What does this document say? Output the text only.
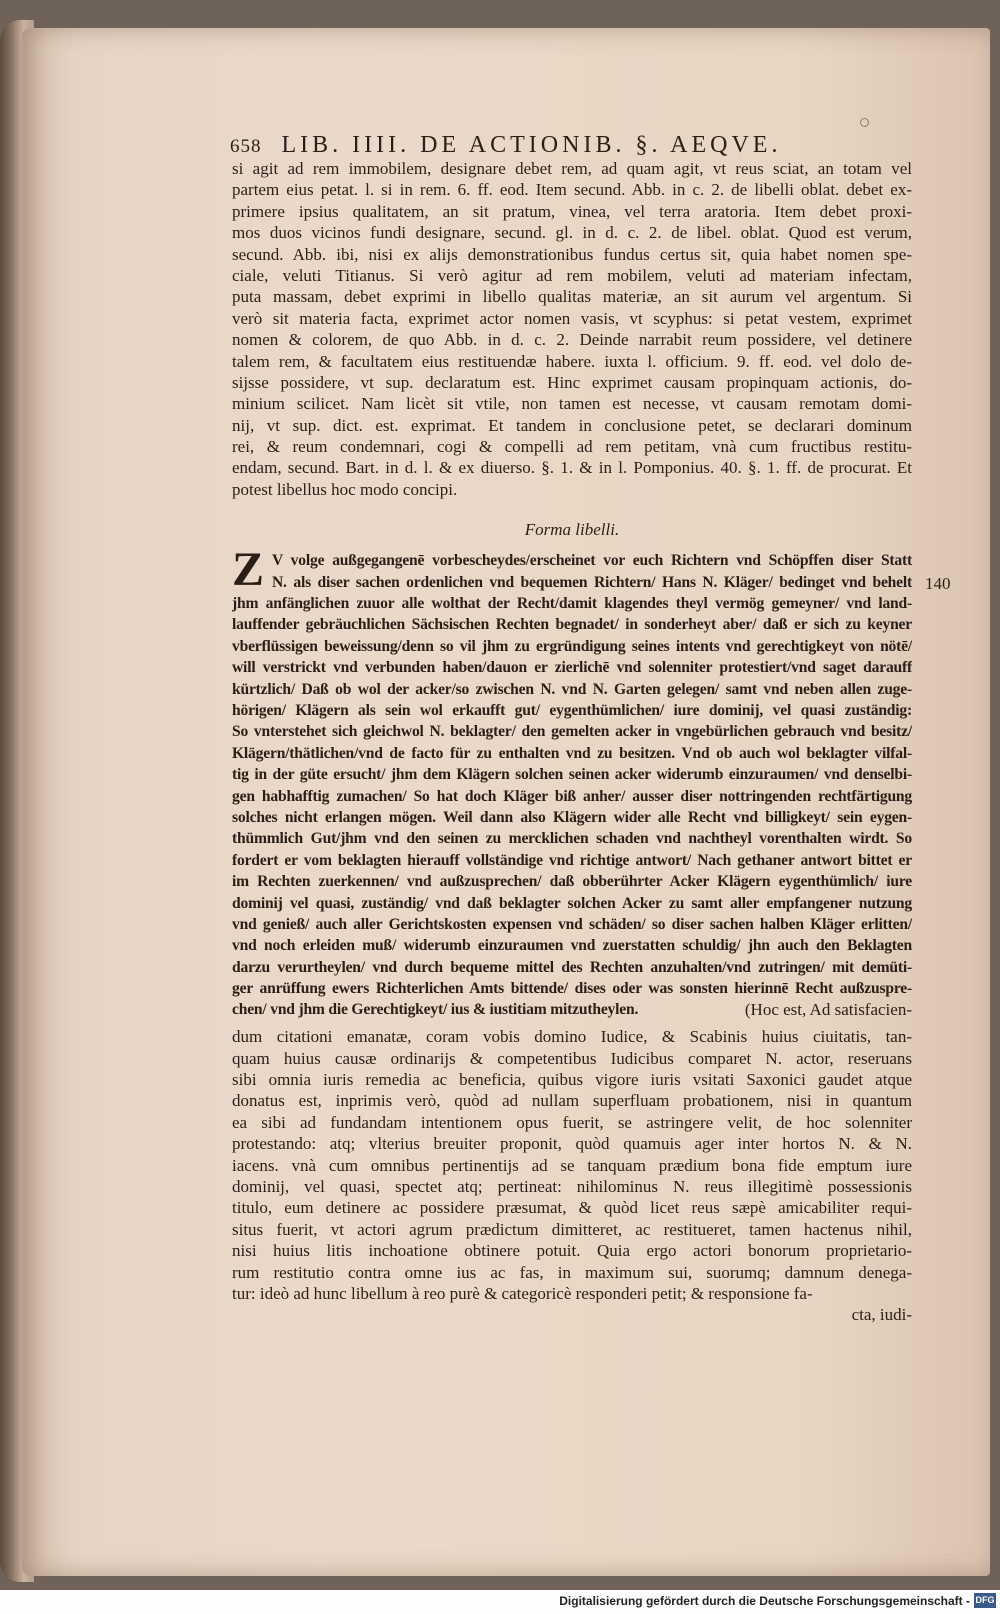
658 LIB. IIII. DE ACTIONIB. §. AEQVE.
140
si agit ad rem immobilem, designare debet rem, ad quam agit, vt reus sciat, an totam vel
partem eius petat. l. si in rem. 6. ff. eod. Item secund. Abb. in c. 2. de libelli oblat. debet ex-
primere ipsius qualitatem, an sit pratum, vinea, vel terra aratoria. Item debet proxi-
mos duos vicinos fundi designare, secund. gl. in d. c. 2. de libel. oblat. Quod est verum,
secund. Abb. ibi, nisi ex alijs demonstrationibus fundus certus sit, quia habet nomen spe-
ciale, veluti Titianus. Si verò agitur ad rem mobilem, veluti ad materiam infectam,
puta massam, debet exprimi in libello qualitas materiæ, an sit aurum vel argentum. Si
verò sit materia facta, exprimet actor nomen vasis, vt scyphus: si petat vestem, exprimet
nomen & colorem, de quo Abb. in d. c. 2. Deinde narrabit reum possidere, vel detinere
talem rem, & facultatem eius restituendæ habere. iuxta l. officium. 9. ff. eod. vel dolo de-
sijsse possidere, vt sup. declaratum est. Hinc exprimet causam propinquam actionis, do-
minium scilicet. Nam licèt sit vtile, non tamen est necesse, vt causam remotam domi-
nij, vt sup. dict. est. exprimat. Et tandem in conclusione petet, se declarari dominum
rei, & reum condemnari, cogi & compelli ad rem petitam, vnà cum fructibus restitu-
endam, secund. Bart. in d. l. & ex diuerso. §. 1. & in l. Pomponius. 40. §. 1. ff. de procurat. Et
potest libellus hoc modo concipi.
Forma libelli.
Z V volge außgegangenē vorbescheydes/erscheinet vor euch Richtern vnd Schöpffen diser Statt
N. als diser sachen ordenlichen vnd bequemen Richtern/ Hans N. Kläger/ bedinget vnd behelt
jhm anfänglichen zuuor alle wolthat der Recht/damit klagendes theyl vermög gemeyner/ vnd land-
lauffender gebräuchlichen Sächsischen Rechten begnadet/ in sonderheyt aber/ daß er sich zu keyner
vberflüssigen beweissung/denn so vil jhm zu ergründigung seines intents vnd gerechtigkeyt von nötē/
will verstrickt vnd verbunden haben/dauon er zierlichē vnd solenniter protestiert/vnd saget darauff
kürtzlich/ Daß ob wol der acker/so zwischen N. vnd N. Garten gelegen/ samt vnd neben allen zuge-
hörigen/ Klägern als sein wol erkaufft gut/ eygenthümlichen/ iure dominij, vel quasi zuständig:
So vnterstehet sich gleichwol N. beklagter/ den gemelten acker in vngebürlichen gebrauch vnd besitz/
Klägern/thätlichen/vnd de facto für zu enthalten vnd zu besitzen. Vnd ob auch wol beklagter vilfal-
tig in der güte ersucht/ jhm dem Klägern solchen seinen acker widerumb einzuraumen/ vnd denselbi-
gen habhafftig zumachen/ So hat doch Kläger biß anher/ ausser diser nottringenden rechtfärtigung
solches nicht erlangen mögen. Weil dann also Klägern wider alle Recht vnd billigkeyt/ sein eygen-
thümmlich Gut/jhm vnd den seinen zu mercklichen schaden vnd nachtheyl vorenthalten wirdt. So
fordert er vom beklagten hierauff vollständige vnd richtige antwort/ Nach gethaner antwort bittet er
im Rechten zuerkennen/ vnd außzusprechen/ daß obberührter Acker Klägern eygenthümlich/ iure
dominij vel quasi, zuständig/ vnd daß beklagter solchen Acker zu samt aller empfangener nutzung
vnd genieß/ auch aller Gerichtskosten expensen vnd schäden/ so diser sachen halben Kläger erlitten/
vnd noch erleiden muß/ widerumb einzuraumen vnd zuerstatten schuldig/ jhn auch den Beklagten
darzu verurtheylen/ vnd durch bequeme mittel des Rechten anzuhalten/vnd zutringen/ mit demüti-
ger anrüffung ewers Richterlichen Amts bittende/ dises oder was sonsten hierinnē Recht außzuspre-
chen/ vnd jhm die Gerechtigkeyt/ ius & iustitiam mitzutheylen.	(Hoc est, Ad satisfacien-
dum citationi emanatæ, coram vobis domino Iudice, & Scabinis huius ciuitatis, tan-
quam huius causæ ordinarijs & competentibus Iudicibus comparet N. actor, reseruans
sibi omnia iuris remedia ac beneficia, quibus vigore iuris vsitati Saxonici gaudet atque
donatus est, inprimis verò, quòd ad nullam superfluam probationem, nisi in quantum
ea sibi ad fundandam intentionem opus fuerit, se astringere velit, de hoc solenniter
protestando: atq; vlterius breuiter proponit, quòd quamuis ager inter hortos N. & N.
iacens. vnà cum omnibus pertinentijs ad se tanquam prædium bona fide emptum iure
dominij, vel quasi, spectet atq; pertineat: nihilominus N. reus illegitimè possessionis
titulo, eum detinere ac possidere præsumat, & quòd licet reus sæpè amicabiliter requi-
situs fuerit, vt actori agrum prædictum dimitteret, ac restitueret, tamen hactenus nihil,
nisi huius litis inchoatione obtinere potuit. Quia ergo actori bonorum proprietario-
rum restitutio contra omne ius ac fas, in maximum sui, suorumq; damnum denega-
tur: ideò ad hunc libellum à reo purè & categoricè responderi petit; & responsione fa-
cta, iudi-
Digitalisierung gefördert durch die Deutsche Forschungsgemeinschaft - DFG
